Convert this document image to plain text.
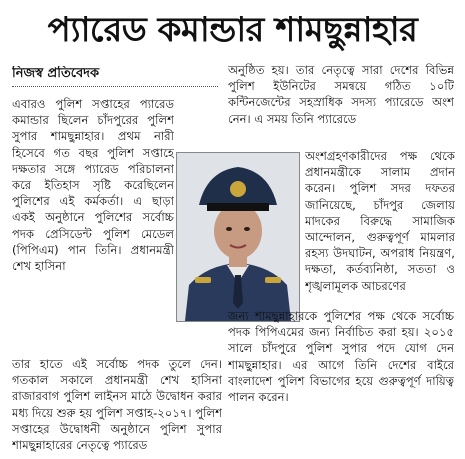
প্যারেড কমান্ডার শামছুন্নাহার
নিজস্ব প্রতিবেদক
এবারও পুলিশ সপ্তাহের প্যারেড কমান্ডার ছিলেন চাঁদপুরের পুলিশ সুপার শামছুন্নাহার। প্রথম নারী হিসেবে গত বছর পুলিশ সপ্তাহে দক্ষতার সঙ্গে প্যারেড পরিচালনা করে ইতিহাস সৃষ্টি করেছিলেন পুলিশের এই কর্মকর্তা। এ ছাড়া একই অনুষ্ঠানে পুলিশের সর্বোচ্চ পদক প্রেসিডেন্ট পুলিশ মেডেল (পিপিএম) পান তিনি। প্রধানমন্ত্রী শেখ হাসিনা
তার হাতে এই সর্বোচ্চ পদক তুলে দেন। গতকাল সকালে প্রধানমন্ত্রী শেখ হাসিনা রাজারবাগ পুলিশ লাইনস মাঠে উদ্বোধন করার মধ্য দিয়ে শুরু হয় পুলিশ সপ্তাহ-২০১৭। পুলিশ সপ্তাহের উদ্বোধনী অনুষ্ঠানে পুলিশ সুপার শামছুন্নাহারের নেতৃত্বে প্যারেড
অনুষ্ঠিত হয়। তার নেতৃত্বে সারা দেশের বিভিন্ন পুলিশ ইউনিটের সমন্বয়ে গঠিত ১০টি কন্টিনজেন্টের সহস্রাধিক সদস্য প্যারেডে অংশ নেন। এ সময় তিনি প্যারেডে
অংশগ্রহণকারীদের পক্ষ থেকে প্রধানমন্ত্রীকে সালাম প্রদান করেন। পুলিশ সদর দফতর জানিয়েছে, চাঁদপুর জেলায় মাদকের বিরুদ্ধে সামাজিক আন্দোলন, গুরুত্বপূর্ণ মামলার রহস্য উদঘাটন, অপরাধ নিয়ন্ত্রণ, দক্ষতা, কর্তব্যনিষ্ঠা, সততা ও শৃঙ্খলামূলক আচরণের
জন্য শামছুন্নাহারকে পুলিশের পক্ষ থেকে সর্বোচ্চ পদক পিপিএমের জন্য নির্বাচিত করা হয়। ২০১৫ সালে চাঁদপুরে পুলিশ সুপার পদে যোগ দেন শামছুন্নাহার। এর আগে তিনি দেশের বাইরে বাংলাদেশ পুলিশ বিভাগের হয়ে গুরুত্বপূর্ণ দায়িত্ব পালন করেন।
